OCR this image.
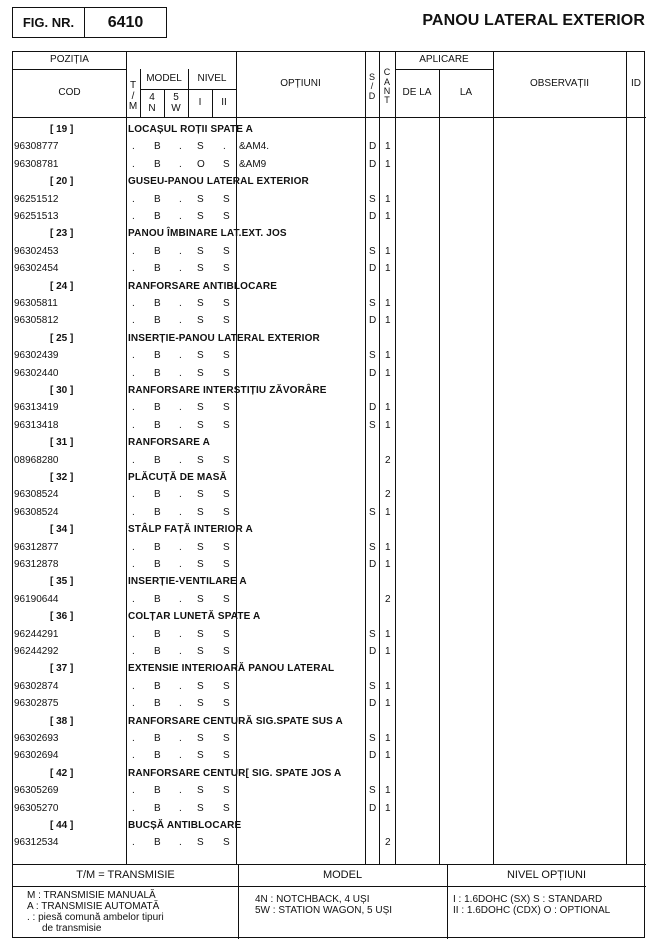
FIG. NR.	6410	PANOU LATERAL EXTERIOR
POZIȚIA
COD
T
/
M
MODEL
4
N
5
W
NIVEL
I	II
OPȚIUNI
S
/
D
C
A
N
T
APLICARE
DE LA	LA
OBSERVAȚII	ID
[ 19 ]	LOCAȘUL ROȚII SPATE A
96308777	. B . S . &AM4.	D 1
96308781	. B . O S &AM9	D 1
[ 20 ]	GUSEU-PANOU LATERAL EXTERIOR
96251512	. B . S S	S 1
96251513	. B . S S	D 1
[ 23 ]	PANOU ÎMBINARE LAT.EXT. JOS
96302453	. B . S S	S 1
96302454	. B . S S	D 1
[ 24 ]	RANFORSARE ANTIBLOCARE
96305811	. B . S S	S 1
96305812	. B . S S	D 1
[ 25 ]	INSERȚIE-PANOU LATERAL EXTERIOR
96302439	. B . S S	S 1
96302440	. B . S S	D 1
[ 30 ]	RANFORSARE INTERSTIȚIU ZĂVORÂRE
96313419	. B . S S	D 1
96313418	. B . S S	S 1
[ 31 ]	RANFORSARE A
08968280	. B . S S	2
[ 32 ]	PLĂCUȚĂ DE MASĂ
96308524	. B . S S	2
96308524	. B . S S	S 1
[ 34 ]	STÂLP FAȚĂ INTERIOR A
96312877	. B . S S	S 1
96312878	. B . S S	D 1
[ 35 ]	INSERȚIE-VENTILARE A
96190644	. B . S S	2
[ 36 ]	COLȚAR LUNETĂ SPATE A
96244291	. B . S S	S 1
96244292	. B . S S	D 1
[ 37 ]	EXTENSIE INTERIOARĂ PANOU LATERAL
96302874	. B . S S	S 1
96302875	. B . S S	D 1
[ 38 ]	RANFORSARE CENTURĂ SIG.SPATE SUS A
96302693	. B . S S	S 1
96302694	. B . S S	D 1
[ 42 ]	RANFORSARE CENTUR[ SIG. SPATE JOS A
96305269	. B . S S	S 1
96305270	. B . S S	D 1
[ 44 ]	BUCȘĂ ANTIBLOCARE
96312534	. B . S S	2
T/M = TRANSMISIE	MODEL	NIVEL OPȚIUNI
M : TRANSMISIE MANUALĂ
A : TRANSMISIE AUTOMATĂ
. : piesă comună ambelor tipuri
de transmisie
4N : NOTCHBACK, 4 UȘI
5W : STATION WAGON, 5 UȘI
I : 1.6DOHC (SX) S : STANDARD
II : 1.6DOHC (CDX) O : OPTIONAL
